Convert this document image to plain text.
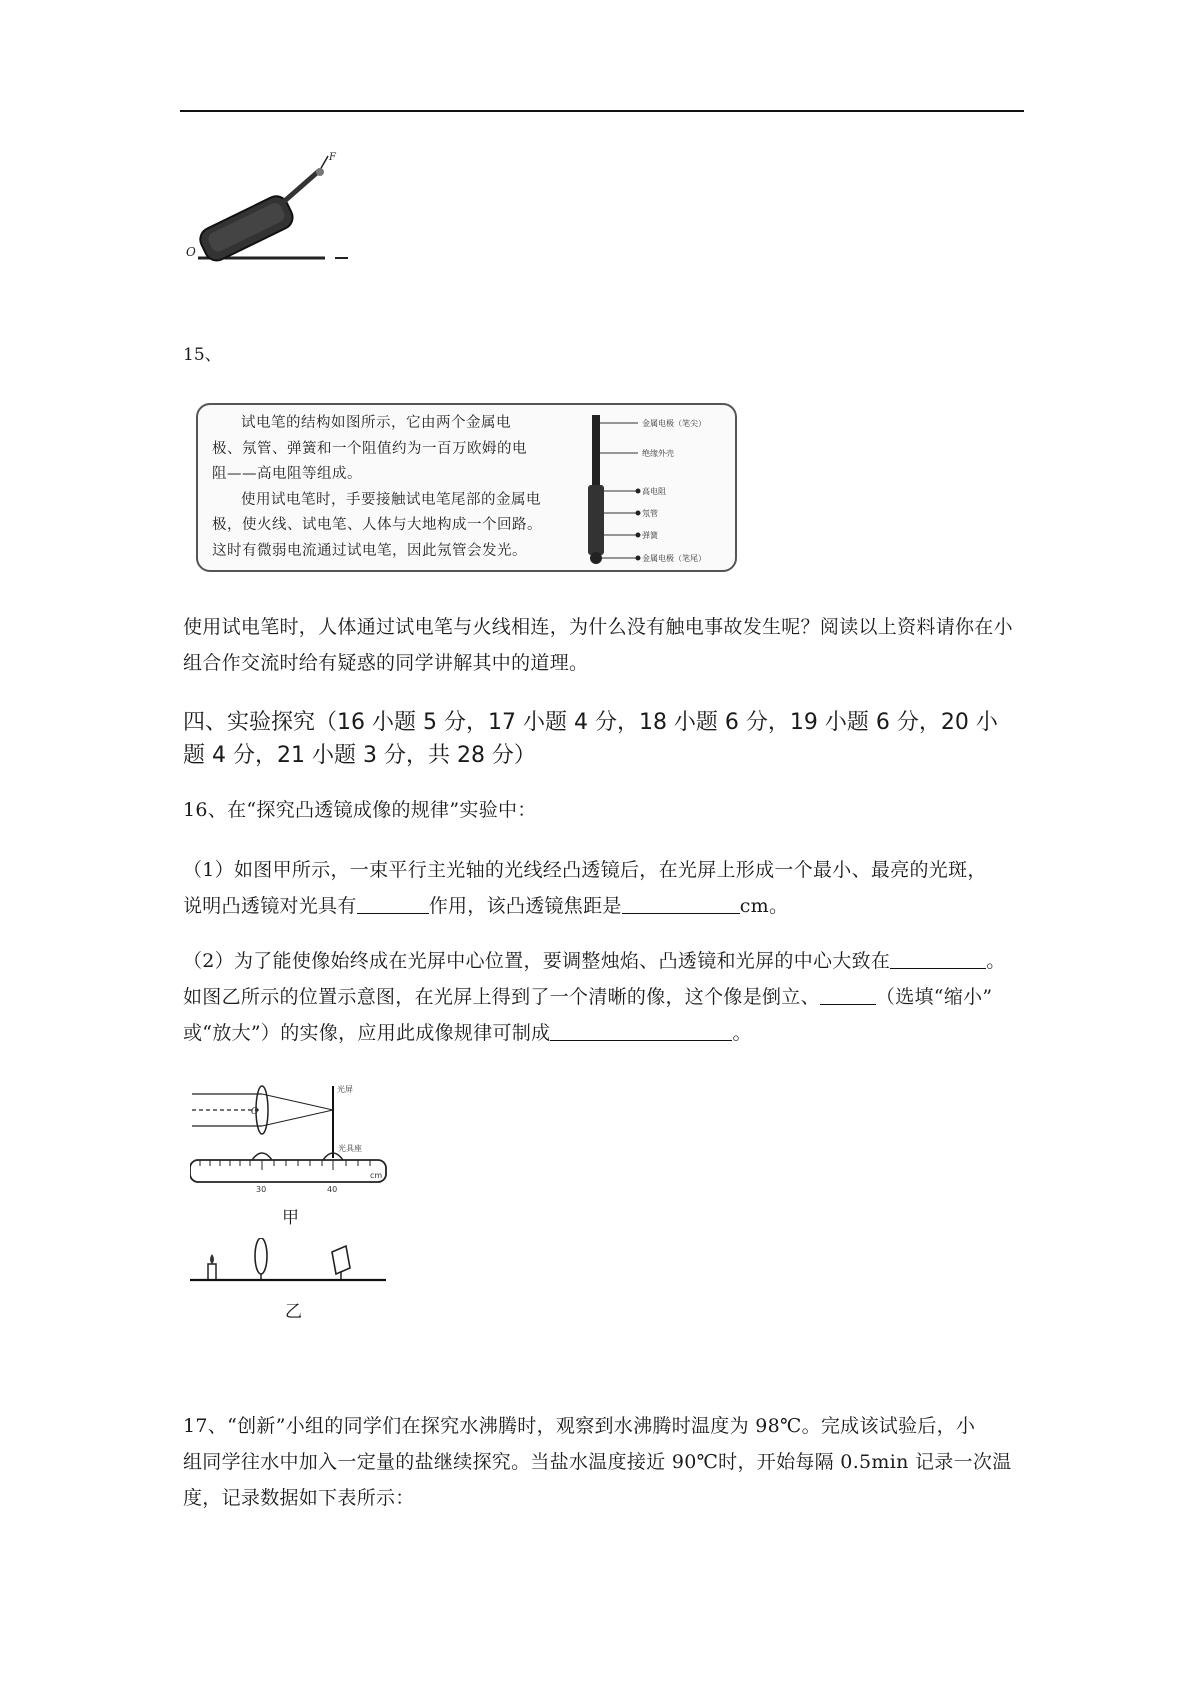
F
O
15、
试电笔的结构如图所示，它由两个金属电
极、氖管、弹簧和一个阻值约为一百万欧姆的电
阻——高电阻等组成。
使用试电笔时，手要接触试电笔尾部的金属电
极，使火线、试电笔、人体与大地构成一个回路。
这时有微弱电流通过试电笔，因此氖管会发光。
金属电极（笔尖）
绝缘外壳
高电阻
氖管
弹簧
金属电极（笔尾）
使用试电笔时，人体通过试电笔与火线相连，为什么没有触电事故发生呢？阅读以上资料请你在小组合作交流时给有疑惑的同学讲解其中的道理。
四、实验探究（16 小题 5 分，17 小题 4 分，18 小题 6 分，19 小题 6 分，20 小
题 4 分，21 小题 3 分，共 28 分）
16、在“探究凸透镜成像的规律”实验中：
（1）如图甲所示，一束平行主光轴的光线经凸透镜后，在光屏上形成一个最小、最亮的光斑，
说明凸透镜对光具有	作用，该凸透镜焦距是	cm。
（2）为了能使像始终成在光屏中心位置，要调整烛焰、凸透镜和光屏的中心大致在	。
如图乙所示的位置示意图，在光屏上得到了一个清晰的像，这个像是倒立、	（选填“缩小”
或“放大”）的实像，应用此成像规律可制成	。
O
光屏
光具座
30	40
cm
甲
乙
17、“创新”小组的同学们在探究水沸腾时，观察到水沸腾时温度为 98℃。完成该试验后，小
组同学往水中加入一定量的盐继续探究。当盐水温度接近 90℃时，开始每隔 0.5min 记录一次温
度，记录数据如下表所示：
